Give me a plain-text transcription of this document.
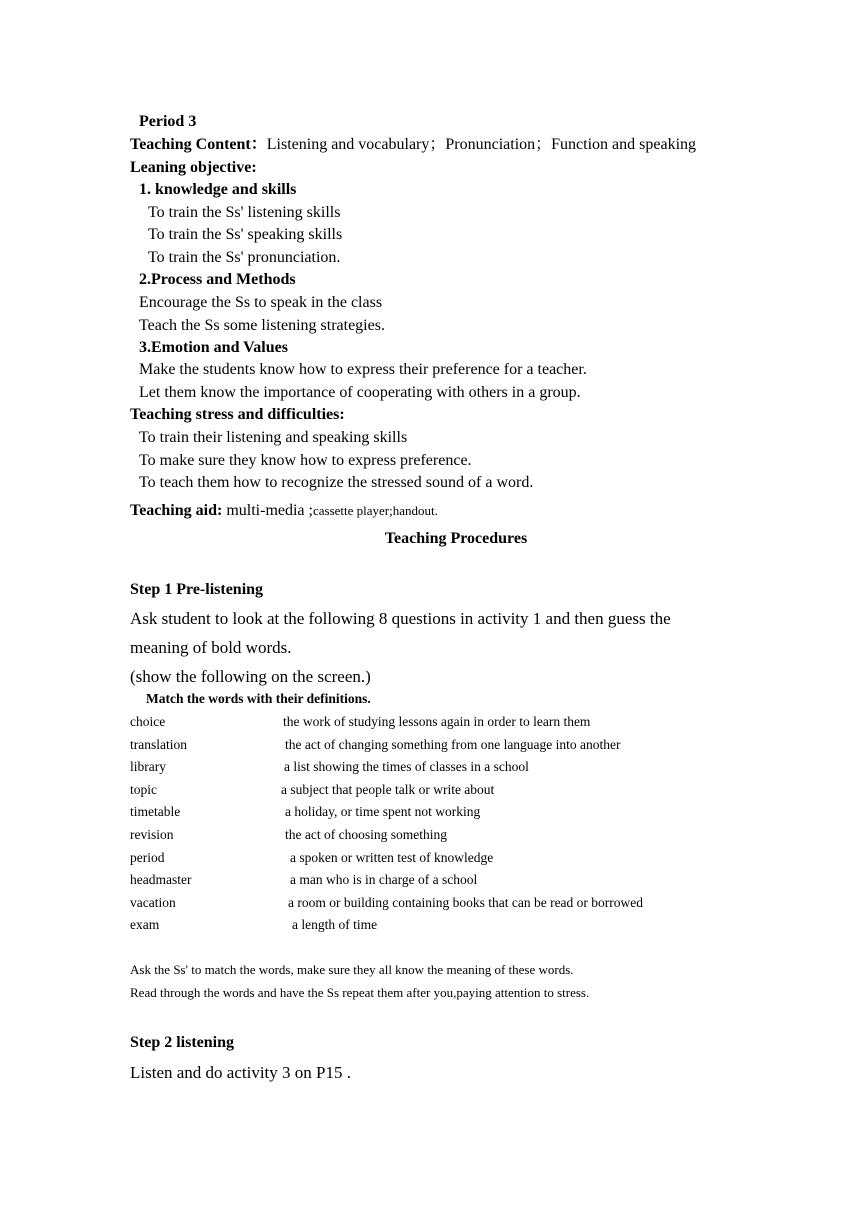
Period 3
Teaching Content：Listening and vocabulary；Pronunciation；Function and speaking
Leaning objective:
1. knowledge and skills
To train the Ss' listening skills
To train the Ss' speaking skills
To train the Ss' pronunciation.
2.Process and Methods
Encourage the Ss to speak in the class
Teach the Ss some listening strategies.
3.Emotion and Values
Make the students know how to express their preference for a teacher.
Let them know the importance of cooperating with others in a group.
Teaching stress and difficulties:
To train their listening and speaking skills
To make sure they know how to express preference.
To teach them how to recognize the stressed sound of a word.
Teaching aid: multi-media ;cassette player;handout.
Teaching Procedures
Step 1 Pre-listening
Ask student to look at the following 8 questions in activity 1 and then guess the
meaning of bold words.
(show the following on the screen.)
Match the words with their definitions.
choice	the work of studying lessons again in order to learn them
translation	the act of changing something from one language into another
library	a list showing the times of classes in a school
topic	a subject that people talk or write about
timetable	a holiday, or time spent not working
revision	the act of choosing something
period	a spoken or written test of knowledge
headmaster	a man who is in charge of a school
vacation	a room or building containing books that can be read or borrowed
exam	a length of time
Ask the Ss' to match the words, make sure they all know the meaning of these words.
Read through the words and have the Ss repeat them after you,paying attention to stress.
Step 2 listening
Listen and do activity 3 on P15 .
